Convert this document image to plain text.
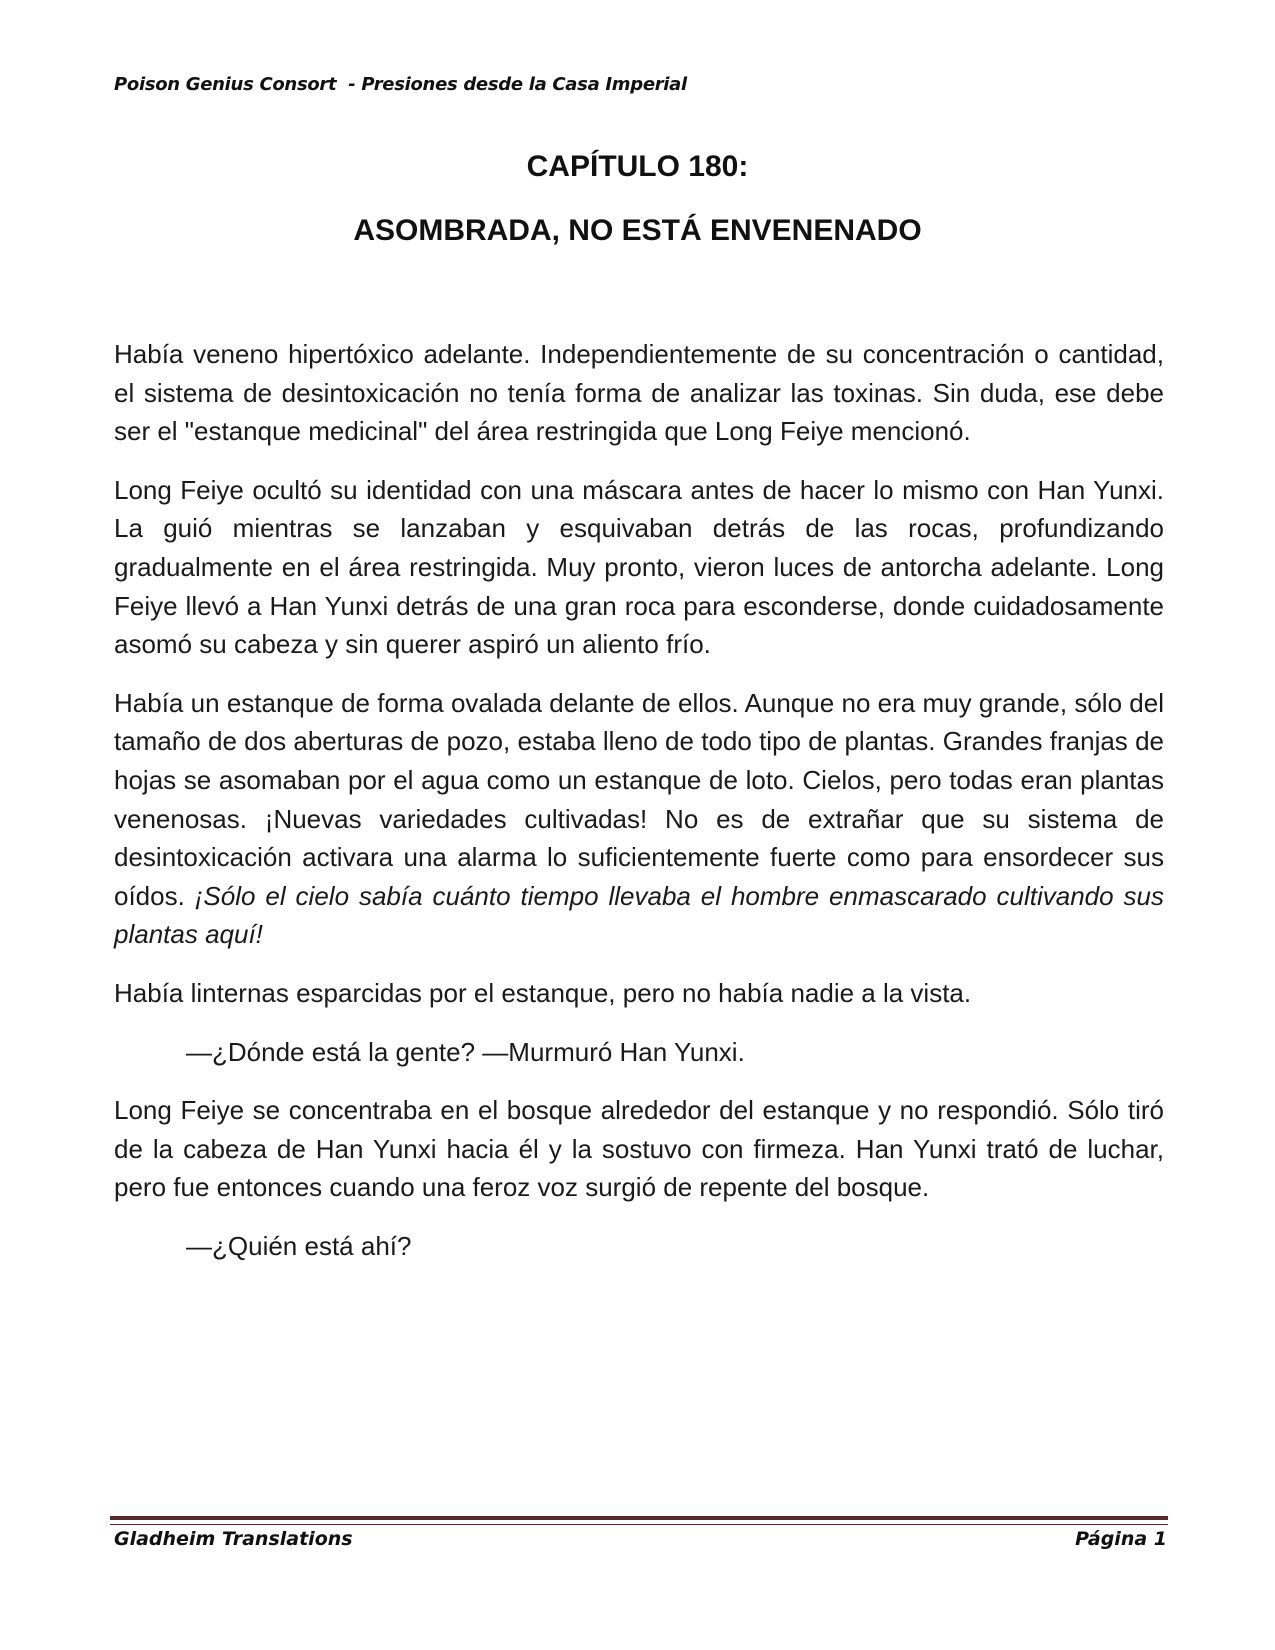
Poison Genius Consort  - Presiones desde la Casa Imperial
CAPÍTULO 180:
ASOMBRADA, NO ESTÁ ENVENENADO

Había veneno hipertóxico adelante. Independientemente de su concentración o cantidad, el sistema de desintoxicación no tenía forma de analizar las toxinas. Sin duda, ese debe ser el "estanque medicinal" del área restringida que Long Feiye mencionó.

Long Feiye ocultó su identidad con una máscara antes de hacer lo mismo con Han Yunxi. La guió mientras se lanzaban y esquivaban detrás de las rocas, profundizando gradualmente en el área restringida. Muy pronto, vieron luces de antorcha adelante. Long Feiye llevó a Han Yunxi detrás de una gran roca para esconderse, donde cuidadosamente asomó su cabeza y sin querer aspiró un aliento frío.

Había un estanque de forma ovalada delante de ellos. Aunque no era muy grande, sólo del tamaño de dos aberturas de pozo, estaba lleno de todo tipo de plantas. Grandes franjas de hojas se asomaban por el agua como un estanque de loto. Cielos, pero todas eran plantas venenosas. ¡Nuevas variedades cultivadas! No es de extrañar que su sistema de desintoxicación activara una alarma lo suficientemente fuerte como para ensordecer sus oídos. ¡Sólo el cielo sabía cuánto tiempo llevaba el hombre enmascarado cultivando sus plantas aquí!

Había linternas esparcidas por el estanque, pero no había nadie a la vista.

—¿Dónde está la gente? —Murmuró Han Yunxi.

Long Feiye se concentraba en el bosque alrededor del estanque y no respondió. Sólo tiró de la cabeza de Han Yunxi hacia él y la sostuvo con firmeza. Han Yunxi trató de luchar, pero fue entonces cuando una feroz voz surgió de repente del bosque.

—¿Quién está ahí?

Gladheim Translations	Página 1
